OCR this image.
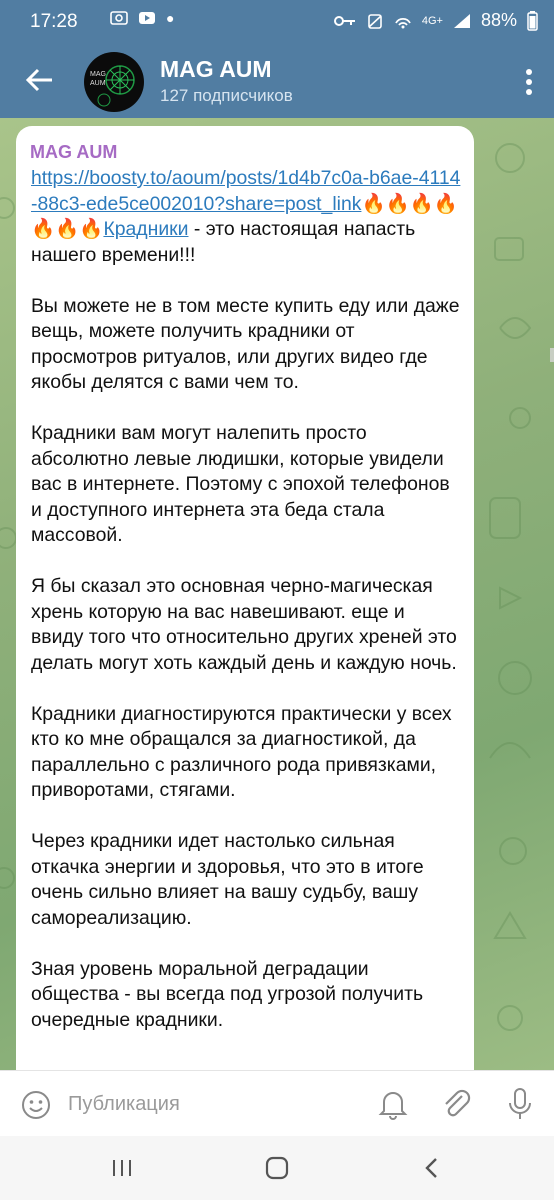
17:28	●	4G+ 88%
MAG
AUM
MAG AUM
127 подписчиков
MAG AUM
https://boosty.to/aoum/posts/1d4b7c0a-b6ae-4114-88c3-ede5ce002010?share=post_link🔥🔥🔥🔥🔥🔥🔥Крадники - это настоящая напасть нашего времени!!!

Вы можете не в том месте купить еду или даже вещь, можете получить крадники от просмотров ритуалов, или других видео где якобы делятся с вами чем то.

Крадники вам могут налепить просто абсолютно левые людишки, которые увидели вас в интернете. Поэтому с эпохой телефонов и доступного интернета эта беда стала массовой.

Я бы сказал это основная черно-магическая хрень которую на вас навешивают. еще и ввиду того что относительно других хреней это делать могут хоть каждый день и каждую ночь.

Крадники диагностируются практически у всех кто ко мне обращался за диагностикой, да параллельно с различного рода привязками, приворотами, стягами.

Через крадники идет настолько сильная откачка энергии и здоровья, что это в итоге очень сильно влияет на вашу судьбу, вашу самореализацию.

Зная уровень моральной деградации общества - вы всегда под угрозой получить очередные крадники.
Публикация
